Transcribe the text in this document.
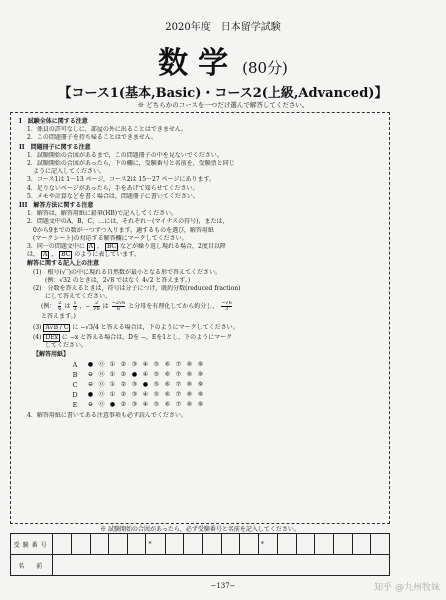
2020年度　日本留学試験
数学 (80分)
【コース1(基本,Basic)・コース2(上級,Advanced)】
※ どちらかのコースを一つだけ選んで解答してください。
I　試験全体に関する注意
1．係員の許可なしに，部屋の外に出ることはできません。
2．この問題冊子を持ち帰ることはできません。
II　問題冊子に関する注意
1．試験開始の合図があるまで，この問題冊子の中を見ないでください。
2．試験開始の合図があったら，下の欄に，受験番号と名前を，受験票と同じ
　ように記入してください。
3．コース1は 1〜13 ページ，コース2は 15〜27 ページにあります。
4．足りないページがあったら，手をあげて知らせてください。
5．メモや計算などを書く場合は，問題冊子に書いてください。
III　解答方法に関する注意
1．解答は，解答用紙に鉛筆(HB)で記入してください。
2．問題文中のA，B，C，…には，それぞれ－(マイナスの符号)，または，
　0から9までの数が一つずつ入ります。適するものを選び，解答用紙
　(マークシート)の対応する解答欄にマークしてください。
3．同一の問題文中に A ， BC などが繰り返し現れる場合，2度目以降
は， A ， BC のように表しています。
解答に関する記入上の注意
(1)　根号(√‾)の中に現れる自然数が最小となる形で答えてください。
　　(例：√32 のときは，2√8 ではなく 4√2 と答えます。)
(2)　分数を答えるときは，符号は分子につけ，既約分数(reduced fraction)
　　にして答えてください。
(例： $\frac{2}{6}$ は $\frac{1}{3}$ ，− $\frac{2}{√6}$ は $\frac{-2√6}{6}$ と分母を有理化してから約分し， $\frac{-√6}{3}$
と答えます。)
(3) A√B / C に −√3/4 と答える場合は，下のようにマークしてください。
(4) DEx に −x と答える場合は，Dを −，Eを1とし，下のようにマーク
　　してください。
【解答用紙】
A	● ⓪ ① ② ③ ④ ⑤ ⑥ ⑦ ⑧ ⑨
B	⊖ ⓪ ① ② ● ④ ⑤ ⑥ ⑦ ⑧ ⑨
C	⊖ ⓪ ① ② ③ ● ⑤ ⑥ ⑦ ⑧ ⑨
D	● ⓪ ① ② ③ ④ ⑤ ⑥ ⑦ ⑧ ⑨
E	⊖ ⓪ ● ② ③ ④ ⑤ ⑥ ⑦ ⑧ ⑨
4．解答用紙に書いてある注意事項も必ず読んでください。
※ 試験開始の合図があったら，必ず受験番号と名前を記入してください。
受験番号						*						*						
名　前																		
−137−	知乎 @九州牧妹
